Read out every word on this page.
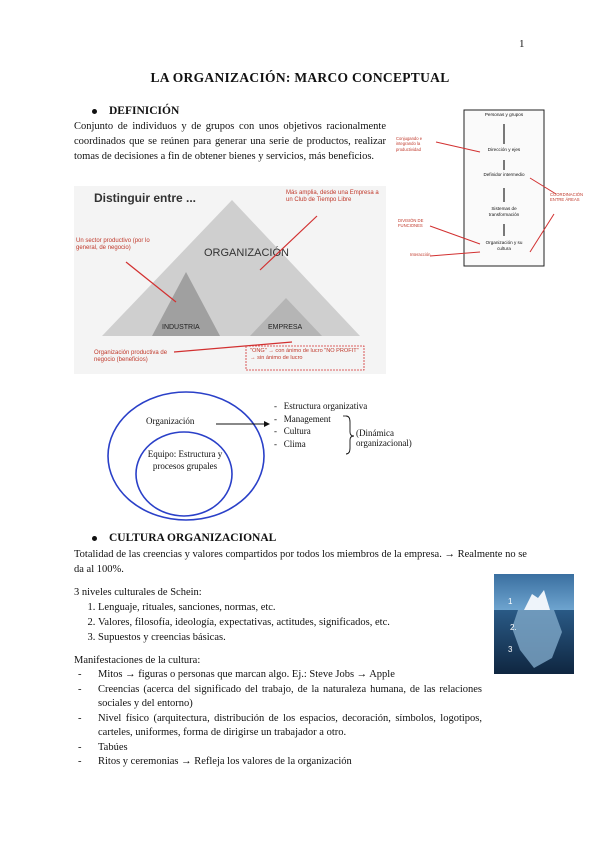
1
LA ORGANIZACIÓN: MARCO CONCEPTUAL
DEFINICIÓN
Conjunto de individuos y de grupos con unos objetivos racionalmente coordinados que se reúnen para generar una serie de productos, realizar tomas de decisiones a fin de obtener bienes y servicios, más beneficios.
Distinguir entre ...
ORGANIZACIÓN
INDUSTRIA	EMPRESA
Más amplia, desde una Empresa a un Club de Tiempo Libre
Un sector productivo (por lo general, de negocio)
Organización productiva de negocio (beneficios)
"ONG" → con ánimo de lucro "NO PROFIT" → sin ánimo de lucro
Personas y grupos
Dirección y ejes
Definidor intermedio
Sistemas de transformación
Organización y su cultura
Conjugando e integrando la productividad
DIVISIÓN DE FUNCIONES
Interacción
COORDINACIÓN ENTRE ÁREAS
Organización
Equipo: Estructura y procesos grupales
-   Estructura organizativa
-   Management
-   Cultura
-   Clima
(Dinámica organizacional)
CULTURA ORGANIZACIONAL
Totalidad de las creencias y valores compartidos por todos los miembros de la empresa. → Realmente no se da al 100%.
3 niveles culturales de Schein:
1. Lenguaje, rituales, sanciones, normas, etc.
2. Valores, filosofía, ideología, expectativas, actitudes, significados, etc.
3. Supuestos y creencias básicas.
1
2.
3
Manifestaciones de la cultura:
- Mitos → figuras o personas que marcan algo. Ej.: Steve Jobs → Apple
- Creencias (acerca del significado del trabajo, de la naturaleza humana, de las relaciones sociales y del entorno)
- Nivel físico (arquitectura, distribución de los espacios, decoración, símbolos, logotipos, carteles, uniformes, forma de dirigirse un trabajador a otro.
- Tabúes
- Ritos y ceremonias → Refleja los valores de la organización
